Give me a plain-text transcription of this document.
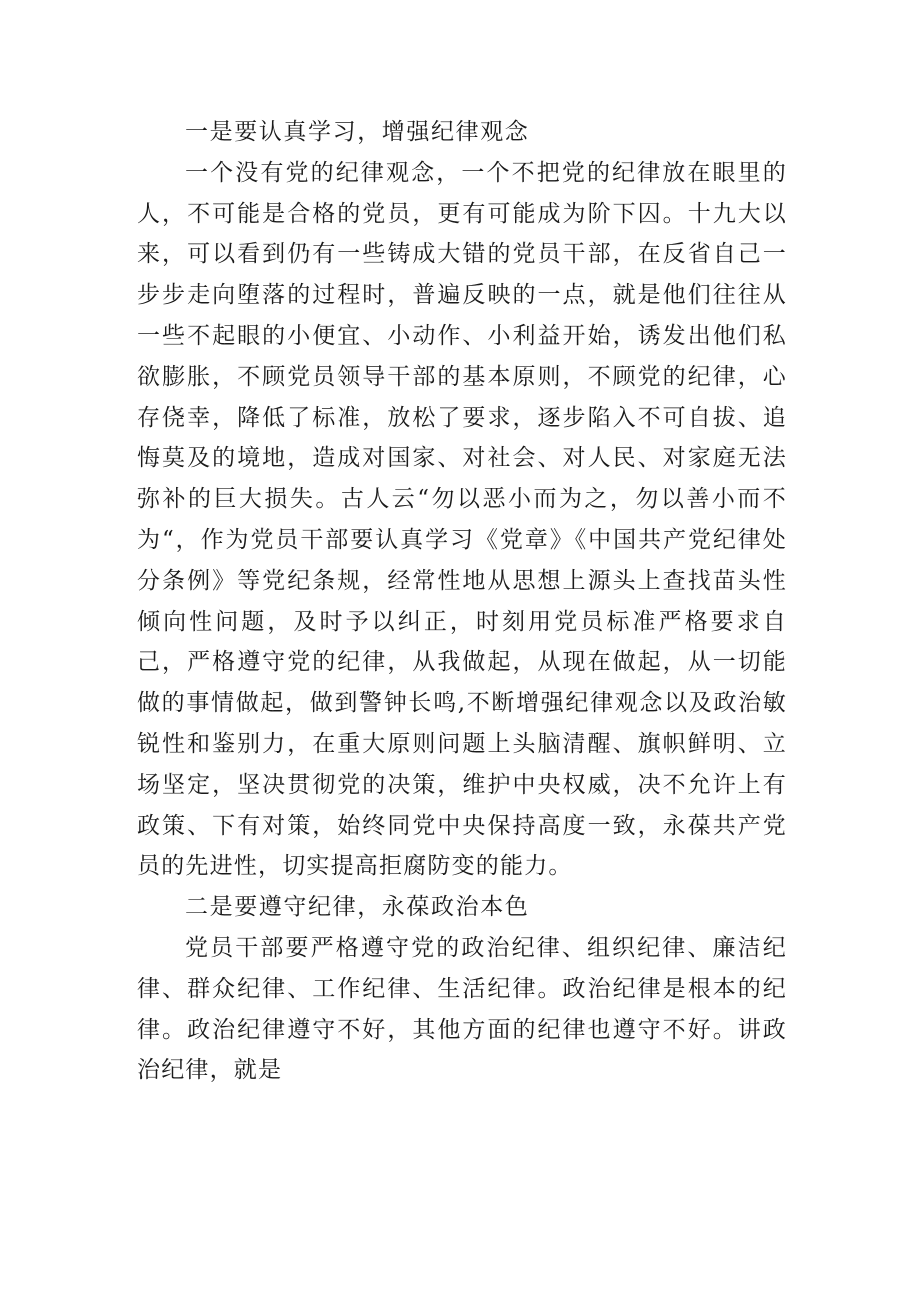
一是要认真学习，增强纪律观念

一个没有党的纪律观念，一个不把党的纪律放在眼里的人，不可能是合格的党员，更有可能成为阶下囚。十九大以来，可以看到仍有一些铸成大错的党员干部，在反省自己一步步走向堕落的过程时，普遍反映的一点，就是他们往往从一些不起眼的小便宜、小动作、小利益开始，诱发出他们私欲膨胀，不顾党员领导干部的基本原则，不顾党的纪律，心存侥幸，降低了标准，放松了要求，逐步陷入不可自拔、追悔莫及的境地，造成对国家、对社会、对人民、对家庭无法弥补的巨大损失。古人云“勿以恶小而为之，勿以善小而不为“，作为党员干部要认真学习《党章》《中国共产党纪律处分条例》等党纪条规，经常性地从思想上源头上查找苗头性倾向性问题，及时予以纠正，时刻用党员标准严格要求自己，严格遵守党的纪律，从我做起，从现在做起，从一切能做的事情做起，做到警钟长鸣,不断增强纪律观念以及政治敏锐性和鉴别力，在重大原则问题上头脑清醒、旗帜鲜明、立场坚定，坚决贯彻党的决策，维护中央权威，决不允许上有政策、下有对策，始终同党中央保持高度一致，永葆共产党员的先进性，切实提高拒腐防变的能力。

二是要遵守纪律，永葆政治本色

党员干部要严格遵守党的政治纪律、组织纪律、廉洁纪律、群众纪律、工作纪律、生活纪律。政治纪律是根本的纪律。政治纪律遵守不好，其他方面的纪律也遵守不好。讲政治纪律，就是
